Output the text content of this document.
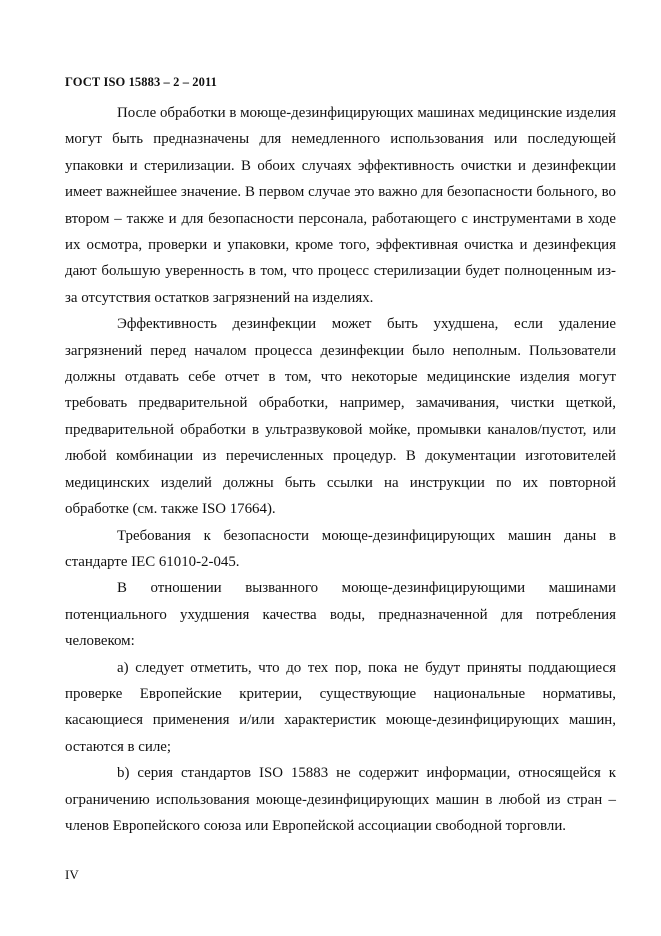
ГОСТ ISO 15883 – 2 – 2011

После обработки в моюще-дезинфицирующих машинах медицинские изделия могут быть предназначены для немедленного использования или последующей упаковки и стерилизации. В обоих случаях эффективность очистки и дезинфекции имеет важнейшее значение. В первом случае это важно для безопасности больного, во втором – также и для безопасности персонала, работающего с инструментами в ходе их осмотра, проверки и упаковки, кроме того, эффективная очистка и дезинфекция дают большую уверенность в том, что процесс стерилизации будет полноценным из-за отсутствия остатков загрязнений на изделиях.

Эффективность дезинфекции может быть ухудшена, если удаление загрязнений перед началом процесса дезинфекции было неполным. Пользователи должны отдавать себе отчет в том, что некоторые медицинские изделия могут требовать предварительной обработки, например, замачивания, чистки щеткой, предварительной обработки в ультразвуковой мойке, промывки каналов/пустот, или любой комбинации из перечисленных процедур. В документации изготовителей медицинских изделий должны быть ссылки на инструкции по их повторной обработке (см. также ISO 17664).

Требования к безопасности моюще-дезинфицирующих машин даны в стандарте IEC 61010-2-045.

В отношении вызванного моюще-дезинфицирующими машинами потенциального ухудшения качества воды, предназначенной для потребления человеком:

а) следует отметить, что до тех пор, пока не будут приняты поддающиеся проверке Европейские критерии, существующие национальные нормативы, касающиеся применения и/или характеристик моюще-дезинфицирующих машин, остаются в силе;

b) серия стандартов ISO 15883 не содержит информации, относящейся к ограничению использования моюще-дезинфицирующих машин в любой из стран – членов Европейского союза или Европейской ассоциации свободной торговли.

IV
